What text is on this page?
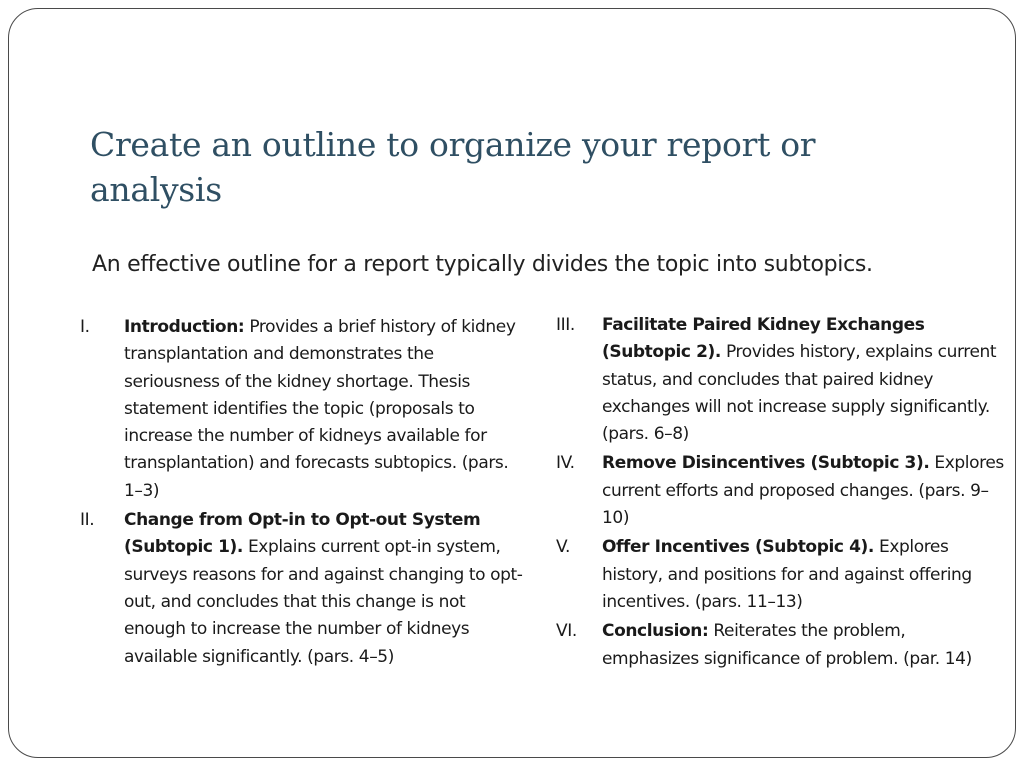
Create an outline to organize your report or analysis

An effective outline for a report typically divides the topic into subtopics.

I. Introduction: Provides a brief history of kidney transplantation and demonstrates the seriousness of the kidney shortage. Thesis statement identifies the topic (proposals to increase the number of kidneys available for transplantation) and forecasts subtopics. (pars. 1–3)
II. Change from Opt-in to Opt-out System (Subtopic 1). Explains current opt-in system, surveys reasons for and against changing to opt-out, and concludes that this change is not enough to increase the number of kidneys available significantly. (pars. 4–5)
III. Facilitate Paired Kidney Exchanges (Subtopic 2). Provides history, explains current status, and concludes that paired kidney exchanges will not increase supply significantly. (pars. 6–8)
IV. Remove Disincentives (Subtopic 3). Explores current efforts and proposed changes. (pars. 9–10)
V. Offer Incentives (Subtopic 4). Explores history, and positions for and against offering incentives. (pars. 11–13)
VI. Conclusion: Reiterates the problem, emphasizes significance of problem. (par. 14)
